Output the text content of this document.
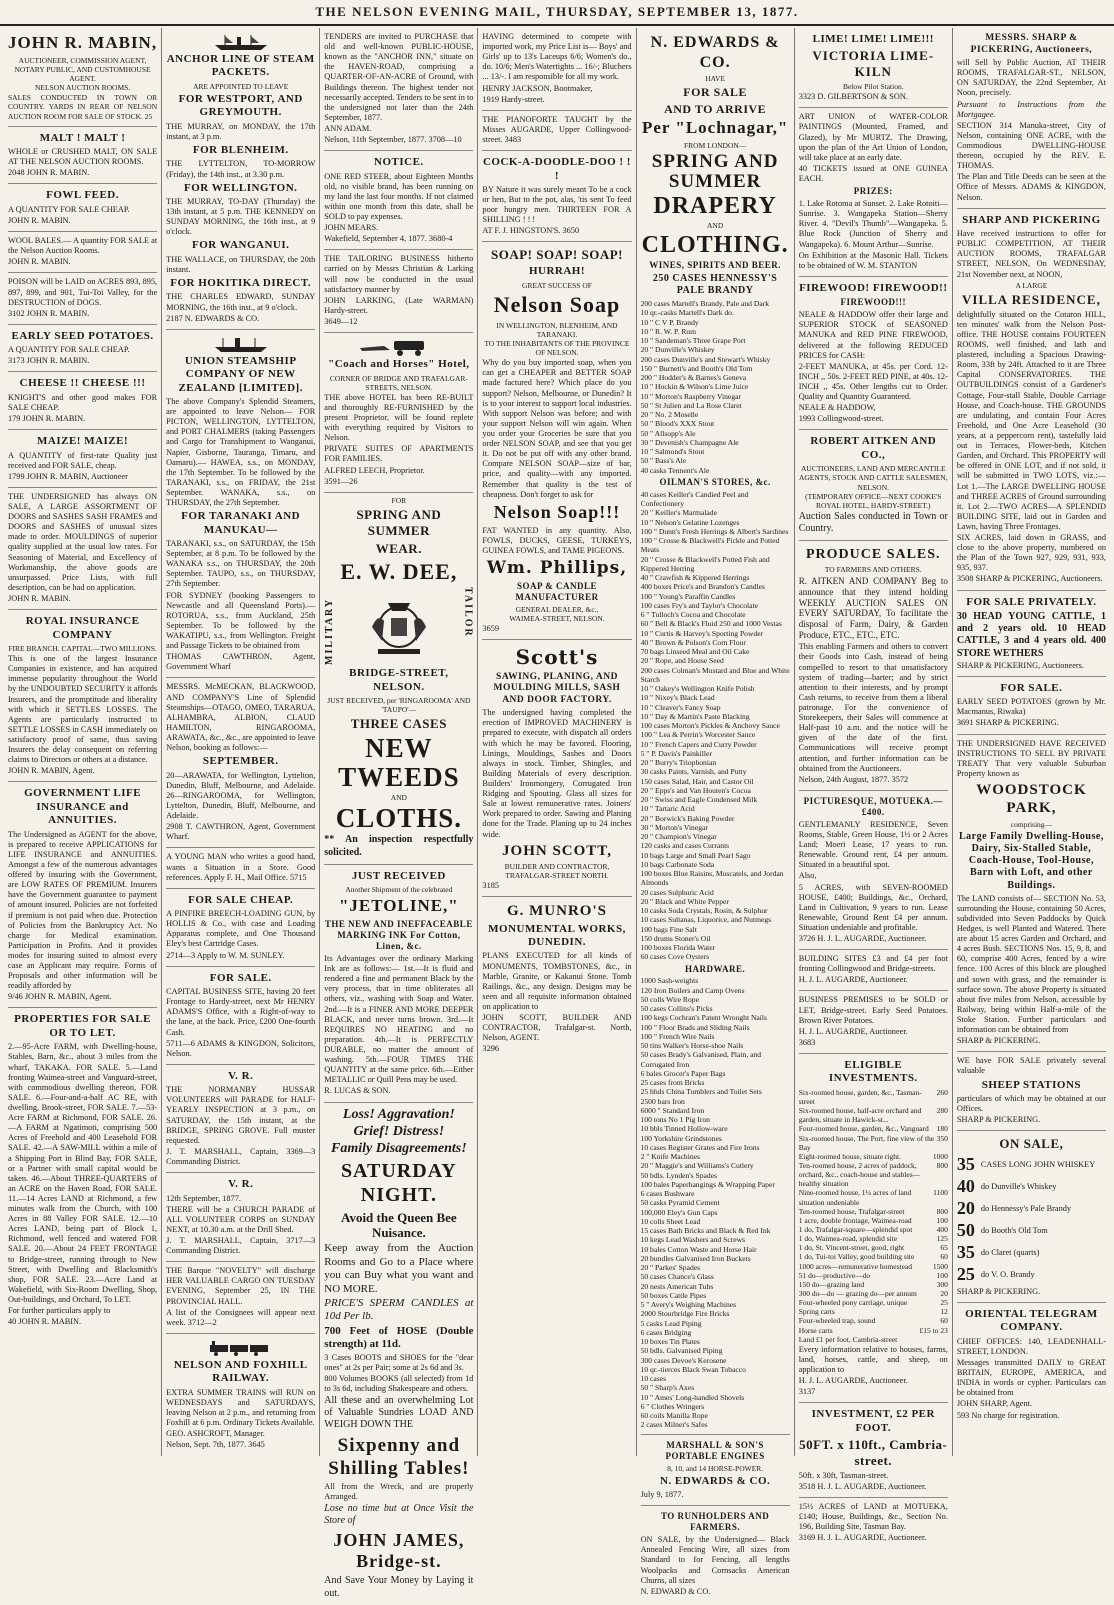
THE NELSON EVENING MAIL, THURSDAY, SEPTEMBER 13, 1877.
JOHN R. MABIN,
AUCTIONEER, COMMISSION AGENT, NOTARY PUBLIC, AND CUSTOMHOUSE AGENT.
NELSON AUCTION ROOMS.

SALES CONDUCTED IN TOWN OR COUNTRY. YARDS IN REAR OF NELSON AUCTION ROOM FOR SALE OF STOCK. 25

MALT ! MALT !

WHOLE or CRUSHED MALT, ON SALE AT THE NELSON AUCTION ROOMS.

2048 JOHN R. MABIN.

FOWL FEED.

A QUANTITY FOR SALE CHEAP.

JOHN R. MABIN.

WOOL BALES.— A quantity FOR SALE at the Nelson Auction Rooms.

JOHN R. MABIN.

POISON will be LAID on ACRES 893, 895, 897, 899, and 901, Tui-Toi Valley, for the DESTRUCTION of DOGS.

3102 JOHN R. MABIN.

EARLY SEED POTATOES.

A QUANTITY FOR SALE CHEAP.

3173 JOHN R. MABIN.

CHEESE !! CHEESE !!!

KNIGHT'S and other good makes FOR SALE CHEAP.

179 JOHN R. MABIN.

MAIZE! MAIZE!

A QUANTITY of first-rate Quality just received and FOR SALE, cheap.

1799 JOHN R. MABIN, Auctioneer

THE UNDERSIGNED has always ON SALE, A LARGE ASSORTMENT OF DOORS and SASHES SASH FRAMES and DOORS and SASHES of unusual sizes made to order. MOULDINGS of superior quality supplied at the usual low rates. For Seasoning of Material, and Excellency of Workmanship, the above goods are unsurpassed. Price Lists, with full description, can be had on application.

JOHN R. MABIN.

ROYAL INSURANCE COMPANY
FIRE BRANCH. CAPITAL—TWO MILLIONS.

This is one of the largest Insurance Companies in existence, and has acquired immense popularity throughout the World by the UNDOUBTED SECURITY it affords Insurers, and the promptitude and liberality with which it SETTLES LOSSES. The Agents are particularly instructed to SETTLE LOSSES in CASH immediately on satisfactory proof of same, thus saving Insurers the delay consequent on referring claims to Directors or others at a distance.

JOHN R. MABIN, Agent.

GOVERNMENT LIFE INSURANCE and ANNUITIES.

The Undersigned as AGENT for the above, is prepared to receive APPLICATIONS for LIFE INSURANCE and ANNUITIES. Amongst a few of the numerous advantages offered by insuring with the Government, are LOW RATES OF PREMIUM. Insurers have the Government guarantee to payment of amount insured. Policies are not forfeited if premium is not paid when due. Protection of Policies from the Bankruptcy Act. No charge for Medical examination. Participation in Profits. And it provides modes for insuring suited to almost every case an Applicant may require. Forms of Proposals and other information will be readily afforded by

9/46 JOHN R. MABIN, Agent.

PROPERTIES FOR SALE OR TO LET.

2.—95-Acre FARM, with Dwelling-house, Stables, Barn, &c., about 3 miles from the wharf, TAKAKA. FOR SALE. 5.—Land fronting Waimea-street and Vanguard-street, with commodious dwelling thereon, FOR SALE. 6.—Four-and-a-half AC RE, with dwelling, Brook-street, FOR SALE. 7.—53-Acre FARM at Richmond, FOR SALE. 26.—A FARM at Ngatimoti, comprising 500 Acres of Freehold and 400 Leasehold FOR SALE. 42.—A SAW-MILL within a mile of a Shipping Port in Blind Bay, FOR SALE, or a Partner with small capital would be taken. 46.—About THREE-QUARTERS of an ACRE on the Haven Road, FOR SALE. 11.—14 Acres LAND at Richmond, a few minutes walk from the Church, with 100 Acres in 88 Valley FOR SALE. 12.—10 Acres LAND, being part of Block 1, Richmond, well fenced and watered FOR SALE. 20.—About 24 FEET FRONTAGE to Bridge-street, running through to New Street, with Dwelling and Blacksmith's shop, FOR SALE. 23.—Acre Land at Wakefield, with Six-Room Dwelling, Shop, Out-buildings, and Orchard, To LET.

For further particulars apply to

40 JOHN R. MABIN.

ANCHOR LINE OF STEAM PACKETS.
ARE APPOINTED TO LEAVE
FOR WESTPORT, AND GREYMOUTH.

THE MURRAY, on MONDAY, the 17th instant, at 3 p.m.

FOR BLENHEIM.

THE LYTTELTON, TO-MORROW (Friday), the 14th inst., at 3.30 p.m.

FOR WELLINGTON.

THE MURRAY, TO-DAY (Thursday) the 13th instant, at 5 p.m. THE KENNEDY on SUNDAY MORNING, the 16th inst., at 9 o'clock.

FOR WANGANUI.

THE WALLACE, on THURSDAY, the 20th instant.

FOR HOKITIKA DIRECT.

THE CHARLES EDWARD, SUNDAY MORNING, the 16th inst., at 9 o'clock.

2187 N. EDWARDS & CO.

UNION STEAMSHIP COMPANY OF NEW ZEALAND [LIMITED].

The above Company's Splendid Steamers, are appointed to leave Nelson— FOR PICTON, WELLINGTON, LYTTELTON, and PORT CHALMERS (taking Passengers and Cargo for Transhipment to Wanganui, Napier, Gisborne, Tauranga, Timaru, and Oamaru).— HAWEA, s.s., on MONDAY, the 17th September. To be followed by the TARANAKI, s.s., on FRIDAY, the 21st September. WANAKA, s.s., on THURSDAY, the 27th September.

FOR TARANAKI AND MANUKAU—

TARANAKI, s.s., on SATURDAY, the 15th September, at 8 p.m. To be followed by the WANAKA s.s., on THURSDAY, the 20th September. TAUPO, s.s., on THURSDAY, 27th September.

FOR SYDNEY (booking Passengers to Newcastle and all Queensland Ports).— ROTORUA, s.s., from Auckland, 25th September. To be followed by the WAKATIPU, s.s., from Wellington. Freight and Passage Tickets to be obtained from

THOMAS CAWTHRON, Agent, Government Wharf

MESSRS. McMECKAN, BLACKWOOD, AND COMPANY'S Line of Splendid Steamships—OTAGO, OMEO, TARARUA, ALHAMBRA, ALBION, CLAUD HAMILTON, RINGAROOMA, ARAWATA, &c., &c., are appointed to leave Nelson, booking as follows:—

SEPTEMBER.

20—ARAWATA, for Wellington, Lyttelton, Dunedin, Bluff, Melbourne, and Adelaide. 26—RINGAROOMA, for Wellington, Lyttelton, Dunedin, Bluff, Melbourne, and Adelaide.

2908 T. CAWTHRON, Agent, Government Wharf.

A YOUNG MAN who writes a good hand, wants a Situation in a Store. Good references. Apply F. H., Mail Office. 5715

FOR SALE CHEAP.

A PINFIRE BREECH-LOADING GUN, by HOLLIS & Co., with case and Loading Apparatus complete, and One Thousand Eley's best Cartridge Cases.

2714—3 Apply to W. M. SUNLEY.

FOR SALE.

CAPITAL BUSINESS SITE, having 20 feet Frontage to Hardy-street, next Mr HENRY ADAMS'S Office, with a Right-of-way to the lane, at the back. Price, £200 One-fourth Cash.

5711—6 ADAMS & KINGDON, Solicitors, Nelson.

V. R.

THE NORMANBY HUSSAR VOLUNTEERS will PARADE for HALF-YEARLY INSPECTION at 3 p.m., on SATURDAY, the 15th instant, at the BRIDGE, SPRING GROVE. Full muster requested.

J. T. MARSHALL, Captain, 3369—3 Commanding District.

V. R.

12th September, 1877.

THERE will be a CHURCH PARADE of ALL VOLUNTEER CORPS on SUNDAY NEXT, at 10.30 a.m. at the Drill Shed.

J. T. MARSHALL, Captain, 3717—3 Commanding District.

THE Barque "NOVELTY" will discharge HER VALUABLE CARGO ON TUESDAY EVENING, September 25, IN THE PROVINCIAL HALL.

A list of the Consignees will appear next week. 3712—2

NELSON AND FOXHILL RAILWAY.

EXTRA SUMMER TRAINS will RUN on WEDNESDAYS and SATURDAYS, leaving Nelson at 2 p.m., and returning from Foxhill at 6 p.m. Ordinary Tickets Available.

GEO. ASHCROFT, Manager.

Nelson, Sept. 7th, 1877. 3645

TENDERS are invited to PURCHASE that old and well-known PUBLIC-HOUSE, known as the "ANCHOR INN," situate on the HAVEN-ROAD, comprising a QUARTER-OF-AN-ACRE of Ground, with Buildings thereon. The highest tender not necessarily accepted. Tenders to be sent in to the undersigned not later than the 24th September, 1877.

ANN ADAM.

Nelson, 11th September, 1877. 3708—10

NOTICE.

ONE RED STEER, about Eighteen Months old, no visible brand, has been running on my land the last four months. If not claimed within one month from this date, shall be SOLD to pay expenses.

JOHN MEARS.

Wakefield, September 4, 1877. 3680-4

THE TAILORING BUSINESS hitherto carried on by Messrs Christian & Larking will now be conducted in the usual satisfactory manner by

JOHN LARKING, (Late WARMAN) Hardy-street.

3649—12

"Coach and Horses" Hotel,
CORNER OF BRIDGE AND TRAFALGAR-STREETS, NELSON.

THE above HOTEL has been RE-BUILT and thoroughly RE-FURNISHED by the present Proprietor, will be found replete with everything required by Visitors to Nelson.

PRIVATE SUITES OF APARTMENTS FOR FAMILIES.

ALFRED LEECH, Proprietor.

3591—26

FOR
SPRING AND SUMMER
WEAR.
E. W. DEE,
MILITARY	TAILOR
BRIDGE-STREET, NELSON.
JUST RECEIVED, per 'RINGAROOMA' AND 'TAUPO'—
THREE CASES
NEW TWEEDS
AND
CLOTHS.

** An inspection respectfully solicited.

JUST RECEIVED
Another Shipment of the celebrated
"JETOLINE,"
THE NEW AND INEFFACEABLE MARKING INK For Cotton, Linen, &c.

Its Advantages over the ordinary Marking Ink are as follows:— 1st.—It is fluid and rendered a fine and permanent Black by the very process, that in time obliterates all others, viz., washing with Soap and Water. 2nd.—It is a FINER AND MORE DEEPER BLACK, and never turns brown. 3rd.—It REQUIRES NO HEATING and no preparation. 4th.—It is PERFECTLY DURABLE, no matter the amount of washing. 5th.—FOUR TIMES THE QUANTITY at the same price. 6th.—Either METALLIC or Quill Pens may be used.

R. LUCAS & SON.

Loss! Aggravation! Grief! Distress!
Family Disagreements!
SATURDAY NIGHT.
Avoid the Queen Bee Nuisance.

Keep away from the Auction Rooms and Go to a Place where you can Buy what you want and NO MORE.

PRICE'S SPERM CANDLES at 10d Per lb.

700 Feet of HOSE (Double strength) at 11d.

3 Cases BOOTS and SHOES for the "dear ones" at 2s per Pair; some at 2s 6d and 3s.

800 Volumes BOOKS (all selected) from 1d to 3s 6d, including Shakespeare and others.

All these and an overwhelming Lot of Valuable Sundries LOAD AND WEIGH DOWN THE

Sixpenny and Shilling Tables!

All from the Wreck, and are properly Arranged.

Lose no time but at Once Visit the Store of

JOHN JAMES, Bridge-st.

And Save Your Money by Laying it out.

HAVING determined to compete with imported work, my Price List is— Boys' and Girls' up to 13's Laceups 6/6; Women's do., do. 10/6; Men's Watertights ... 16/-; Bluchers ... 13/-. I am responsible for all my work.

HENRY JACKSON, Bootmaker,

1919 Hardy-street.

THE PIANOFORTE TAUGHT by the Misses AUGARDE, Upper Collingwood-street. 3483

COCK-A-DOODLE-DOO ! ! !

BY Nature it was surely meant To be a cock or hen, But to the pot, alas, 'tis sent To feed poor hungry men. THIRTEEN FOR A SHILLING ! ! !

AT F. J. HINGSTON'S. 3650

SOAP! SOAP! SOAP!
HURRAH!
GREAT SUCCESS OF
Nelson Soap
IN WELLINGTON, BLENHEIM, AND TARANAKI.
TO THE INHABITANTS OF THE PROVINCE OF NELSON.

Why do you buy imported soap, when you can get a CHEAPER and BETTER SOAP made factured here? Which place do you support? Nelson, Melbourne, or Dunedin? It is to your interest to support local industries. With support Nelson was before; and with your support Nelson will win again. When you order your Groceries be sure that you order NELSON SOAP, and see that you get it. Do not be put off with any other brand. Compare NELSON SOAP—size of bar, price, and quality—with any imported. Remember that quality is the test of cheapness. Don't forget to ask for

Nelson Soap!!!

FAT WANTED in any quantity. Also, FOWLS, DUCKS, GEESE, TURKEYS, GUINEA FOWLS, and TAME PIGEONS.

Wm. Phillips,
SOAP & CANDLE MANUFACTURER
GENERAL DEALER, &c.,
WAIMEA-STREET, NELSON.

3659

Scott's
SAWING, PLANING, AND MOULDING MILLS, SASH AND DOOR FACTORY.

The undersigned having completed the erection of IMPROVED MACHINERY is prepared to execute, with dispatch all orders with which he may be favored. Flooring, Linings, Mouldings, Sashes and Doors always in stock. Timber, Shingles, and Building Materials of every description. Builders' Ironmongery, Corrugated Iron Ridging and Spouting. Glass all sizes for Sale at lowest remunerative rates. Joiners' Work prepared to order. Sawing and Planing done for the Trade. Planing up to 24 inches wide.

JOHN SCOTT,
BUILDER AND CONTRACTOR, TRAFALGAR-STREET NORTH.

3185

G. MUNRO'S
MONUMENTAL WORKS, DUNEDIN.

PLANS EXECUTED for all kinds of MONUMENTS, TOMBSTONES, &c., in Marble, Granite, or Kakanui Stone. Tomb Railings, &c., any design. Designs may be seen and all requisite information obtained on application to

JOHN SCOTT, BUILDER AND CONTRACTOR, Trafalgar-st. North, Nelson, AGENT.

3296

N. EDWARDS & CO.
HAVE
FOR SALE
AND TO ARRIVE
Per "Lochnagar,"
FROM LONDON—
SPRING AND SUMMER
DRAPERY
AND
CLOTHING.
WINES, SPIRITS AND BEER.
250 CASES HENNESSY'S PALE BRANDY
200 cases Martell's Brandy, Pale and Dark
10 qr.-casks Martell's Dark do.
10 " C V P. Brandy
10 " R. W. P. Rum
10 " Sandeman's Three Grape Port
20 " Dunville's Whiskey
200 cases Dunville's and Stewart's Whisky
150 " Burnett's and Booth's Old Tom
200 " Hodder's & Barnes's Geneva
10 " Hockin & Wilson's Lime Juice
10 " Morton's Raspberry Vinegar
50 " St Julien and La Rose Claret
20 " No. 2 Moselle
50 " Blood's XXX Stout
50 " Allsopp's Ale
30 " Devenish's Champagne Ale
10 " Salmond's Stout
50 " Bass's Ale
40 casks Tennent's Ale
OILMAN'S STORES, &c.
40 cases Keiller's Candied Peel and Confectionery
20 " Keiller's Marmalade
10 " Nelson's Gelatine Lozenges
100 " Dunn's Fresh Herrings & Albert's Sardines
100 " Crosse & Blackwell's Pickle and Potted Meats
20 " Crosse & Blackwell's Potted Fish and Kippered Herring
40 " Crawfish & Kippered Herrings
400 boxes Price's and Brandon's Candles
100 " Young's Paraffin Candles
100 cases Fry's and Taylor's Chocolate
6 " Tulloch's Cocoa and Chocolate
60 " Bell & Black's Fluid 250 and 1000 Vestas
10 " Curtis & Harvey's Sporting Powder
40 " Brown & Polson's Corn Flour
70 bags Linseed Meal and Oil Cake
20 " Rope, and House Seed
200 cases Colman's Mustard and Blue and White Starch
10 " Oakey's Wellington Knife Polish
10 " Nixey's Black Lead
10 " Cleaver's Fancy Soap
10 " Day & Martin's Paste Blacking
100 cases Morton's Pickles & Anchovy Sauce
100 " Lea & Perrin's Worcester Sauce
10 " French Capers and Curry Powder
5 " P. Davis's Painkiller
20 " Burry's Triophonian
30 casks Paints, Varnish, and Putty
150 cases Salad, Hair, and Castor Oil
20 " Epps's and Van Houten's Cocoa
20 " Swiss and Eagle Condensed Milk
10 " Tartaric Acid
20 " Borwick's Baking Powder
30 " Morton's Vinegar
20 " Champion's Vinegar
120 casks and cases Currants
10 bags Large and Small Pearl Sago
10 bags Carbonate Soda
100 boxes Blue Raisins, Muscatels, and Jordan Almonds
20 cases Sulphuric Acid
20 " Black and White Pepper
10 casks Soda Crystals, Rosin, & Sulphur
10 cases Sultanas, Liquorice, and Nutmegs
100 bags Fine Salt
150 drums Stoner's Oil
100 boxes Florida Water
60 cases Cove Oysters
HARDWARE.
1000 Sash-weights
120 Iron Boilers and Camp Ovens
50 colls Wire Rope
50 cases Collins's Picks
100 kegs Cochran's Patent Wrought Nails
100 " Floor Brads and Sliding Nails
100 " French Wire Nails
50 tins Walker's Horse-shoe Nails
50 cases Brady's Galvanised, Plain, and Corrugated Iron
6 bales Grocer's Paper Bags
25 cases from Bricks
25 hhds China Tumblers and Toilet Sets
2500 bars Iron
6000 " Standard Iron
100 tons No 1 Pig Iron
10 bbls Tinned Hollow-ware
100 Yorkshire Grindstones
10 cases Register Grates and Fire Irons
2 " Knife Machines
20 " Maggie's and Williams's Cutlery
50 bdls. Lynden's Spades
100 bales Paperhangings & Wrapping Paper
6 cases Bushware
50 casks Pyramid Cement
100,000 Eley's Gun Caps
10 colls Sheet Lead
15 cases Bath Bricks and Black & Red Ink
10 kegs Lead Washers and Screws
10 bales Cotton Waste and Horse Hair
20 bundles Galvanised Iron Buckets
20 " Parkes' Spades
50 cases Chance's Glass
20 nests American Tubs
50 boxes Cattle Pipes
5 " Avery's Weighing Machines
2000 Stourbridge Fire Bricks
5 casks Lead Piping
6 cases Bridging
10 boxes Tin Plates
50 bdls. Galvanised Piping
300 cases Devoe's Kerosene
10 qr.-tierces Black Swan Tobacco
10 cases
50 " Sharp's Axes
10 " Ames' Long-handled Shovels
6 " Clothes Wringers
60 coils Manilla Rope
2 cases Milner's Safes
MARSHALL & SON'S PORTABLE ENGINES
8, 10, and 14 HORSE-POWER.
N. EDWARDS & CO.

July 9, 1877.

TO RUNHOLDERS AND FARMERS.

ON SALE, by the Undersigned— Black Annealed Fencing Wire, all sizes from Standard to for Fencing, all lengths Woolpacks and Cornsacks American Churns, all sizes

N. EDWARD & CO.

LIME! LIME! LIME!!!
VICTORIA LIME-KILN
Below Pilot Station.

3323 D. GILBERTSON & SON.

ART UNION of WATER-COLOR PAINTINGS (Mounted, Framed, and Glazed), by Mr MURTZ. The Drawing, upon the plan of the Art Union of London, will take place at an early date.

40 TICKETS issued at ONE GUINEA EACH.

PRIZES:

1. Lake Rotoma at Sunset. 2. Lake Rotoiti—Sunrise. 3. Wangapeka Station—Sherry River. 4. "Devil's Thumb"—Wangapeka. 5. Blue Rock (Junction of Sherry and Wangapeka). 6. Mount Arthur—Sunrise.

On Exhibition at the Masonic Hall. Tickets to be obtained of W. M. STANTON

FIREWOOD! FIREWOOD!!
FIREWOOD!!!

NEALE & HADDOW offer their large and SUPERIOR STOCK of SEASONED MANUKA and RED PINE FIREWOOD, delivered at the following REDUCED PRICES for CASH:

2-FEET MANUKA, at 45s. per Cord. 12-INCH ,, 50s. 2-FEET RED PINE, at 40s. 12-INCH ,, 45s. Other lengths cut to Order. Quality and Quantity Guaranteed.

NEALE & HADDOW,

1993 Collingwood-street.

ROBERT AITKEN AND CO.,
AUCTIONEERS, LAND AND MERCANTILE AGENTS, STOCK AND CATTLE SALESMEN, NELSON.
(TEMPORARY OFFICE—NEXT COOKE'S ROYAL HOTEL, HARDY-STREET.)

Auction Sales conducted in Town or Country.

PRODUCE SALES.
TO FARMERS AND OTHERS.

R. AITKEN AND COMPANY Beg to announce that they intend holding WEEKLY AUCTION SALES ON EVERY SATURDAY, To facilitate the disposal of Farm, Dairy, & Garden Produce, ETC., ETC., ETC.

This enabling Farmers and others to convert their Goods into Cash, instead of being compelled to resort to that unsatisfactory system of trading—barter; and by strict attention to their interests, and by prompt Cash returns, to receive from them a liberal patronage. For the convenience of Storekeepers, their Sales will commence at Half-past 10 a.m. and the notice will be given of the date of the first. Communications will receive prompt attention, and further information can be obtained from the Auctioneers.

Nelson, 24th August, 1877. 3572

PICTURESQUE, MOTUEKA.—£400.

GENTLEMANLY RESIDENCE, Seven Rooms, Stable, Green House, 1½ or 2 Acres Land; Moeri Lease, 17 years to run. Renewable. Ground rent, £4 per annum. Situated in a beautiful spot.

Also,

5 ACRES, with SEVEN-ROOMED HOUSE, £400; Buildings, &c., Orchard, Land in Cultivation, 9 years to run. Lease Renewable, Ground Rent £4 per annum. Situation undeniable and profitable.

3726 H. J. L. AUGARDE, Auctioneer.

BUILDING SITES £3 and £4 per foot fronting Collingwood and Bridge-streets.

H. J. L. AUGARDE, Auctioneer.

BUSINESS PREMISES to be SOLD or LET, Bridge-street. Early Seed Potatoes. Brown River Potatoes.

H. J. L. AUGARDE, Auctioneer.

3683

ELIGIBLE INVESTMENTS.
Six-roomed house, garden, &c., Tasman-street
260
Six-roomed house, half-acre orchard and garden, situate in Hawick-st...
280
Four-roomed house, garden, &c., Vanguard 180
Six-roomed house, The Port, fine view of the Bay
350
Eight-roomed house, situate right.	1000
Ten-roomed house, 2 acres of paddock, orchard, &c., coach-house and stables—healthy situation
800
Nine-roomed house, 1¼ acres of land situation undeniable
1100
Ten-roomed house, Trafalgar-street	800
1 acre, double frontage, Waimea-road	100
1 do, Trafalgar-square—splendid spot	400
1 do, Waimea-road, splendid site	125
1 do, St. Vincent-street, good, right	65
1 do, Tui-toi Valley, good building site	60
1000 acres—remunerative homestead	1500
51 do—productive—do	100
150 do—grazing land	300
300 do—do — grazing do—per annum	20
Four-wheeled pony carriage, unique	25
Spring carts	12
Four-wheeled trap, sound	60
Horse carts	£15 to 23
Land £1 per foot, Cambria-street

Every information relative to houses, farms, land, horses, cattle, and sheep, on application to

H. J. L. AUGARDE, Auctioneer.

3137

INVESTMENT, £2 PER FOOT.
50FT. x 110ft., Cambria-street.

50ft. x 30ft, Tasman-street.

3518 H. J. L. AUGARDE, Auctioneer.

15½ ACRES of LAND at MOTUEKA, £140; House, Buildings, &c., Section No. 196, Building Site, Tasman Bay.

3169 H. J. L. AUGARDE, Auctioneer.

MESSRS. SHARP & PICKERING, Auctioneers,

will Sell by Public Auction, AT THEIR ROOMS, TRAFALGAR-ST., NELSON, ON SATURDAY, the 22nd September, At Noon, precisely.

Pursuant to Instructions from the Mortgagee.

SECTION 314 Manuka-street, City of Nelson, containing ONE ACRE, with the Commodious DWELLING-HOUSE thereon, occupied by the REV. E. THOMAS.

The Plan and Title Deeds can be seen at the Office of Messrs. ADAMS & KINGDON, Nelson.

SHARP AND PICKERING

Have received instructions to offer for PUBLIC COMPETITION, AT THEIR AUCTION ROOMS, TRAFALGAR STREET, NELSON, On WEDNESDAY, 21st November next, at NOON,

A LARGE
VILLA RESIDENCE,

delightfully situated on the Cotaron HILL, ten minutes' walk from the Nelson Post-office. THE HOUSE contains FOURTEEN ROOMS, well finished, and lath and plastered, including a Spacious Drawing-Room, 33ft by 24ft. Attached to it are Three Capital CONSERVATORIES. THE OUTBUILDINGS consist of a Gardener's Cottage, Four-stall Stable, Double Carriage House, and Coach-house. THE GROUNDS are undulating, and contain Four Acres Freehold, and One Acre Leasehold (30 years, at a peppercorn rent), tastefully laid out in Terraces, Flower-beds, Kitchen Garden, and Orchard. This PROPERTY will be offered in ONE LOT, and if not sold, it will be submitted in TWO LOTS, viz.:— Lot 1.—The LARGE DWELLING HOUSE and THREE ACRES of Ground surrounding it. Lot 2.—TWO ACRES—A SPLENDID BUILDING SITE, laid out in Garden and Lawn, having Three Frontages.

SIX ACRES, laid down in GRASS, and close to the above property, numbered on the Plan of the Town 927, 929, 931, 933, 935, 937.

3508 SHARP & PICKERING, Auctioneers.

FOR SALE PRIVATELY.

30 HEAD YOUNG CATTLE, 1 and 2 years old. 10 HEAD CATTLE, 3 and 4 years old. 400 STORE WETHERS

SHARP & PICKERING, Auctioneers.

FOR SALE.

EARLY SEED POTATOES (grown by Mr. Macmanus, Riwaka)

3691 SHARP & PICKERING.

THE UNDERSIGNED HAVE RECEIVED INSTRUCTIONS TO SELL BY PRIVATE TREATY That very valuable Suburban Property known as

WOODSTOCK PARK,
comprising—
Large Family Dwelling-House, Dairy, Six-Stalled Stable, Coach-House, Tool-House, Barn with Loft, and other Buildings.

The LAND consists of— SECTION No. 53, surrounding the House, containing 50 Acres, subdivided into Seven Paddocks by Quick Hedges, is well Planted and Watered. There are about 15 acres Garden and Orchard, and 4 acres Bush. SECTIONS Nos. 15, 9, 8, and 60, comprise 400 Acres, fenced by a wire fence. 100 Acres of this block are ploughed and sown with grass, and the remainder is surface sown. The above Property is situated about five miles from Nelson, accessible by Railway, being within Half-a-mile of the Stoke Station. Further particulars and information can be obtained from

SHARP & PICKERING.

WE have FOR SALE privately several valuable

SHEEP STATIONS

particulars of which may be obtained at our Offices.

SHARP & PICKERING.

ON SALE,
35 CASES LONG JOHN WHISKEY
40 do Dunville's Whiskey
20 do Hennessy's Pale Brandy
50 do Booth's Old Tom
35 do Claret (quarts)
25 do V. O. Brandy

SHARP & PICKERING.

ORIENTAL TELEGRAM COMPANY.

CHIEF OFFICES: 140, LEADENHALL-STREET, LONDON.

Messages transmitted DAILY to GREAT BRITAIN, EUROPE, AMERICA, and INDIA in words or cypher. Particulars can be obtained from

JOHN SHARP, Agent.

593 No charge for registration.
